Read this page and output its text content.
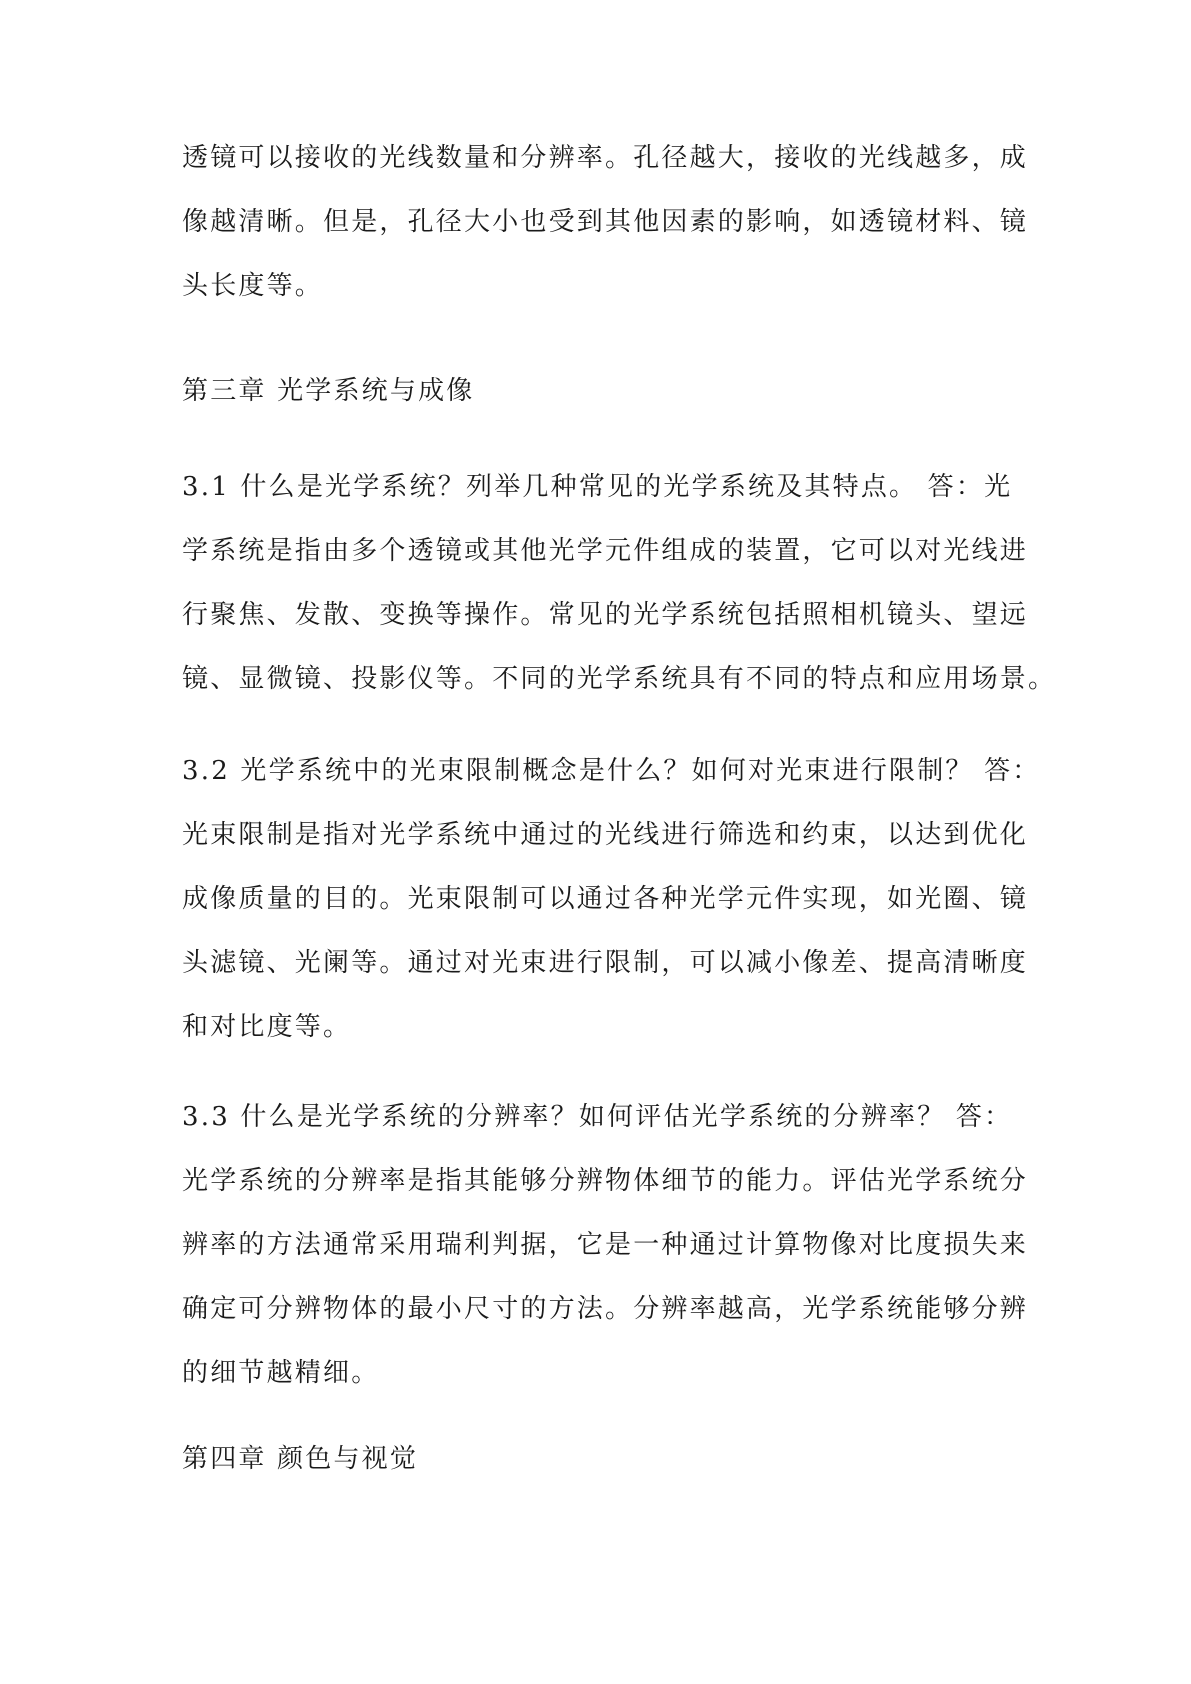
透镜可以接收的光线数量和分辨率。孔径越大，接收的光线越多，成
像越清晰。但是，孔径大小也受到其他因素的影响，如透镜材料、镜
头长度等。
第三章 光学系统与成像
3.1 什么是光学系统？列举几种常见的光学系统及其特点。 答：光
学系统是指由多个透镜或其他光学元件组成的装置，它可以对光线进
行聚焦、发散、变换等操作。常见的光学系统包括照相机镜头、望远
镜、显微镜、投影仪等。不同的光学系统具有不同的特点和应用场景。
3.2 光学系统中的光束限制概念是什么？如何对光束进行限制？ 答：
光束限制是指对光学系统中通过的光线进行筛选和约束，以达到优化
成像质量的目的。光束限制可以通过各种光学元件实现，如光圈、镜
头滤镜、光阑等。通过对光束进行限制，可以减小像差、提高清晰度
和对比度等。
3.3 什么是光学系统的分辨率？如何评估光学系统的分辨率？ 答：
光学系统的分辨率是指其能够分辨物体细节的能力。评估光学系统分
辨率的方法通常采用瑞利判据，它是一种通过计算物像对比度损失来
确定可分辨物体的最小尺寸的方法。分辨率越高，光学系统能够分辨
的细节越精细。
第四章 颜色与视觉
